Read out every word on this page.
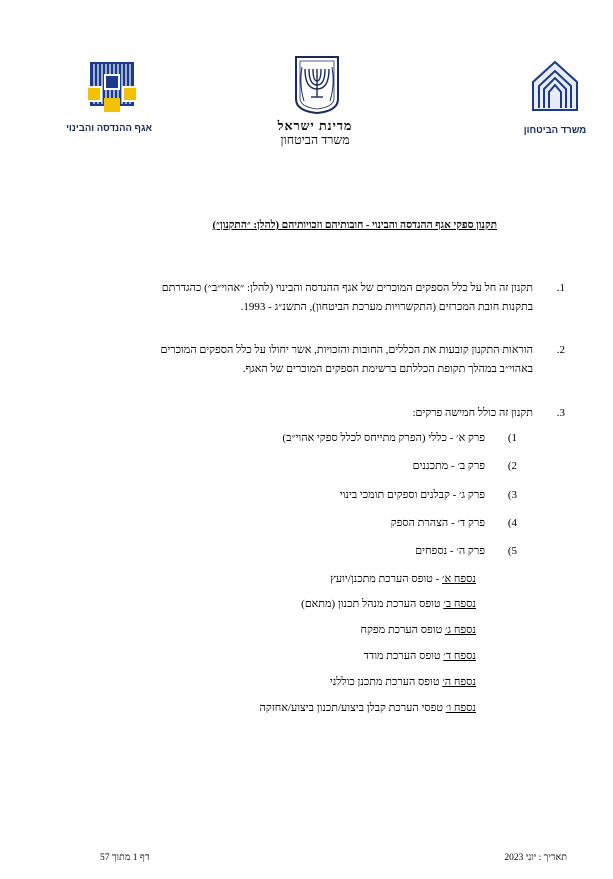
אגף ההנדסה והבינוי	מדינת ישראל
משרד הביטחון
משרד הביטחון
תקנון ספקי אגף ההנדסה והבינוי - חובותיהם וזכויותיהם (להלן: ״התקנון״)
1.
תקנון זה חל על כלל הספקים המוכרים של אגף ההנדסה והבינוי (להלן: ״אהוי״ב״) כהגדרתם
בתקנות חובת המכרזים (התקשרויות מערכת הביטחון), התשנ״ג - 1993.
2.
הוראות התקנון קובעות את הכללים, החובות והזכויות, אשר יחולו על כלל הספקים המוכרים
באהוי״ב במהלך תקופת הכללתם ברשימת הספקים המוכרים של האגף.
3.
תקנון זה כולל חמישה פרקים:
1)
פרק א׳ - כללי (הפרק מתייחס לכלל ספקי אהוי״ב)
2)
פרק ב׳ - מתכננים
3)
פרק ג׳ - קבלנים וספקים תומכי בינוי
4)
פרק ד׳ - הצהרת הספק
5)
פרק ה׳ - נספחים
נספח א׳ - טופס הערכת מתכנן/יועץ
נספח ב׳ טופס הערכת מנהל תכנון (מתאם)
נספח ג׳ טופס הערכת מפקח
נספח ד׳ טופס הערכת מודד
נספח ה׳ טופס הערכת מתכנן כוללני
נספח ו׳ טפסי הערכת קבלן ביצוע/תכנון ביצוע/אחזקה
תאריך : יוני 2023
דף 1 מתוך 57
